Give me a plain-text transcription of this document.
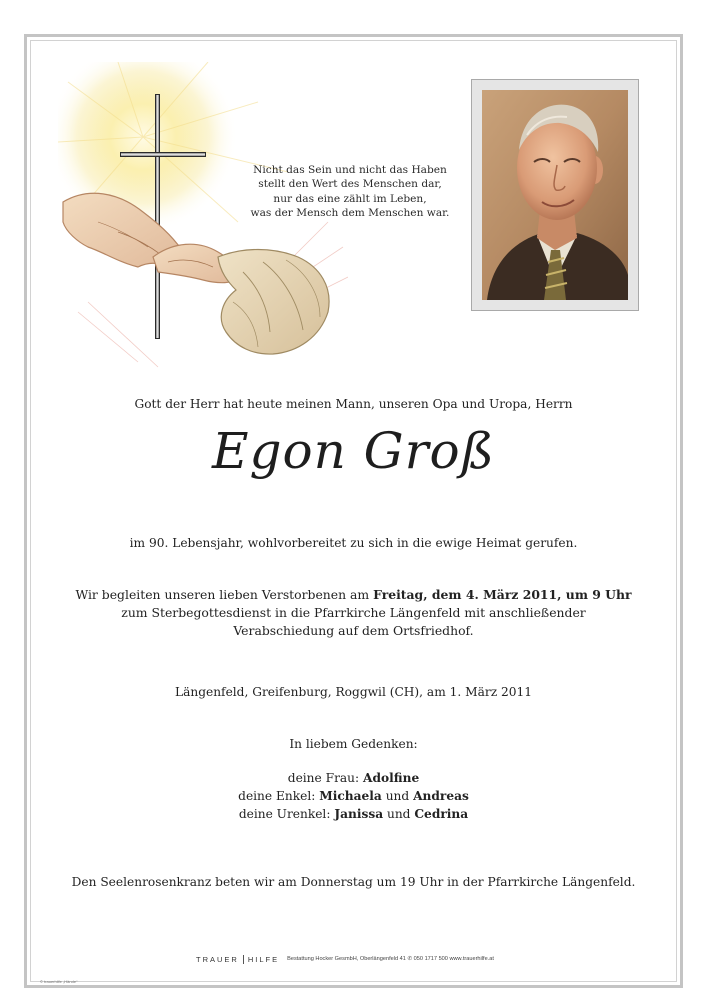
Nicht das Sein und nicht das Haben
stellt den Wert des Menschen dar,
nur das eine zählt im Leben,
was der Mensch dem Menschen war.
Gott der Herr hat heute meinen Mann, unseren Opa und Uropa, Herrn
Egon Groß
im 90. Lebensjahr, wohlvorbereitet zu sich in die ewige Heimat gerufen.
Wir begleiten unseren lieben Verstorbenen am Freitag, dem 4. März 2011, um 9 Uhr
zum Sterbegottesdienst in die Pfarrkirche Längenfeld mit anschließender
Verabschiedung auf dem Ortsfriedhof.
Längenfeld, Greifenburg, Roggwil (CH), am 1. März 2011
In liebem Gedenken:
deine Frau: Adolfine
deine Enkel: Michaela und Andreas
deine Urenkel: Janissa und Cedrina
Den Seelenrosenkranz beten wir am Donnerstag um 19 Uhr in der Pfarrkirche Längenfeld.
TRAUER	HILFE Bestattung Hocker GesmbH, Oberlängenfeld 41 ✆ 050 1717 500 www.trauerhilfe.at
© trauerhilfe „Hände“
